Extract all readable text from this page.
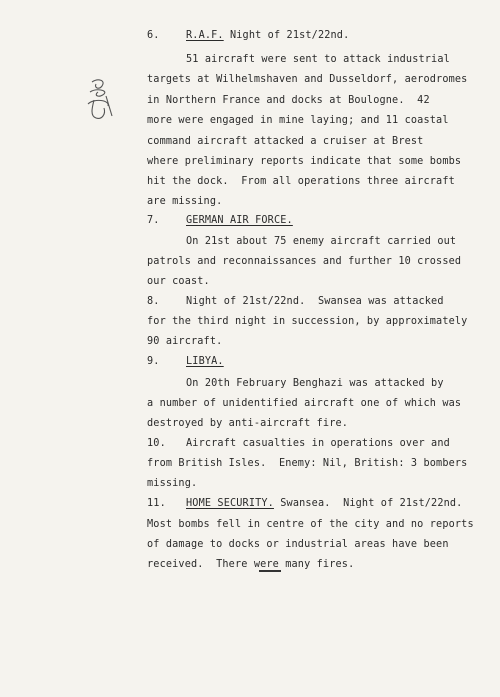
6.	R.A.F. Night of 21st/22nd.
51 aircraft were sent to attack industrial
targets at Wilhelmshaven and Dusseldorf, aerodromes
in Northern France and docks at Boulogne.  42
more were engaged in mine laying; and 11 coastal
command aircraft attacked a cruiser at Brest
where preliminary reports indicate that some bombs
hit the dock.  From all operations three aircraft
are missing.
7.	GERMAN AIR FORCE.
On 21st about 75 enemy aircraft carried out
patrols and reconnaissances and further 10 crossed
our coast.
8.	Night of 21st/22nd.  Swansea was attacked
for the third night in succession, by approximately
90 aircraft.
9.	LIBYA.
On 20th February Benghazi was attacked by
a number of unidentified aircraft one of which was
destroyed by anti-aircraft fire.
10. Aircraft casualties in operations over and
from British Isles.  Enemy: Nil, British: 3 bombers
missing.
11. HOME SECURITY. Swansea.  Night of 21st/22nd.
Most bombs fell in centre of the city and no reports
of damage to docks or industrial areas have been
received.  There were many fires.
